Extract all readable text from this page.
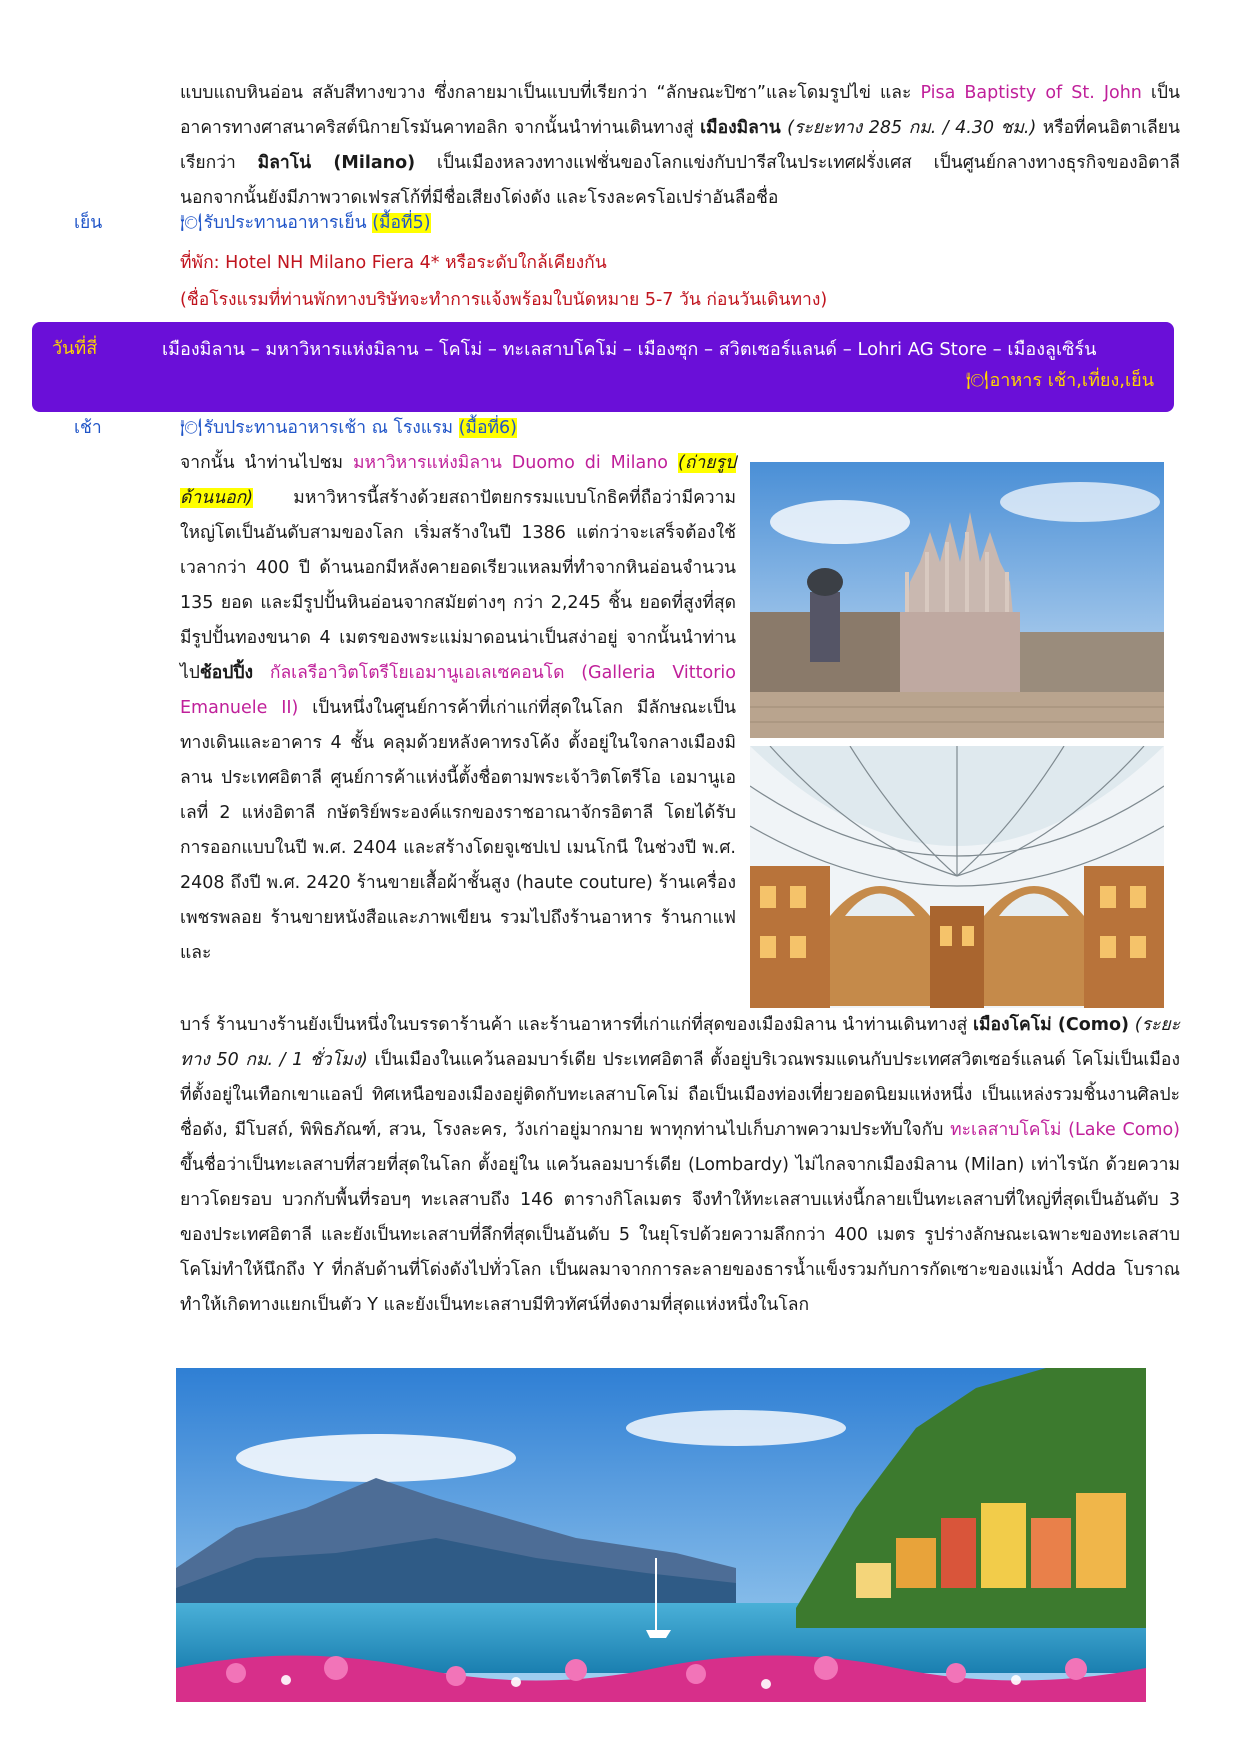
แบบแถบหินอ่อน สลับสีทางขวาง ซึ่งกลายมาเป็นแบบที่เรียกว่า “ลักษณะปิซา”และโดมรูปไข่ และ Pisa Baptisty of St. John เป็นอาคารทางศาสนาคริสต์นิกายโรมันคาทอลิก จากนั้นนำท่านเดินทางสู่ เมืองมิลาน (ระยะทาง 285 กม. / 4.30 ชม.) หรือที่คนอิตาเลียนเรียกว่า มิลาโน่ (Milano) เป็นเมืองหลวงทางแฟชั่นของโลกแข่งกับปารีสในประเทศฝรั่งเศส เป็นศูนย์กลางทางธุรกิจของอิตาลี นอกจากนั้นยังมีภาพวาดเฟรสโก้ที่มีชื่อเสียงโด่งดัง และโรงละครโอเปร่าอันลือชื่อ
เย็น	🍽 รับประทานอาหารเย็น (มื้อที่5)
ที่พัก: Hotel NH Milano Fiera 4* หรือระดับใกล้เคียงกัน
(ชื่อโรงแรมที่ท่านพักทางบริษัทจะทำการแจ้งพร้อมใบนัดหมาย 5-7 วัน ก่อนวันเดินทาง)
วันที่สี่	เมืองมิลาน – มหาวิหารแห่งมิลาน – โคโม่ – ทะเลสาบโคโม่ – เมืองซุก – สวิตเซอร์แลนด์ – Lohri AG Store – เมืองลูเซิร์น
🍽 อาหาร เช้า,เที่ยง,เย็น
เช้า	🍽 รับประทานอาหารเช้า ณ โรงแรม (มื้อที่6)
จากนั้น นำท่านไปชม มหาวิหารแห่งมิลาน Duomo di Milano (ถ่ายรูปด้านนอก) มหาวิหารนี้สร้างด้วยสถาปัตยกรรมแบบโกธิคที่ถือว่ามีความใหญ่โตเป็นอันดับสามของโลก เริ่มสร้างในปี 1386 แต่กว่าจะเสร็จต้องใช้เวลากว่า 400 ปี ด้านนอกมีหลังคายอดเรียวแหลมที่ทำจากหินอ่อนจำนวน 135 ยอด และมีรูปปั้นหินอ่อนจากสมัยต่างๆ กว่า 2,245 ชิ้น ยอดที่สูงที่สุดมีรูปปั้นทองขนาด 4 เมตรของพระแม่มาดอนน่าเป็นสง่าอยู่ จากนั้นนำท่านไปช้อปปิ้ง กัลเลรีอาวิตโตรีโยเอมานูเอเลเซคอนโด (Galleria Vittorio Emanuele II) เป็นหนึ่งในศูนย์การค้าที่เก่าแก่ที่สุดในโลก มีลักษณะเป็นทางเดินและอาคาร 4 ชั้น คลุมด้วยหลังคาทรงโค้ง ตั้งอยู่ในใจกลางเมืองมิลาน ประเทศอิตาลี ศูนย์การค้าแห่งนี้ตั้งชื่อตามพระเจ้าวิตโตรีโอ เอมานูเอเลที่ 2 แห่งอิตาลี กษัตริย์พระองค์แรกของราชอาณาจักรอิตาลี โดยได้รับการออกแบบในปี พ.ศ. 2404 และสร้างโดยจูเซปเป เมนโกนี ในช่วงปี พ.ศ. 2408 ถึงปี พ.ศ. 2420 ร้านขายเสื้อผ้าชั้นสูง (haute couture) ร้านเครื่องเพชรพลอย ร้านขายหนังสือและภาพเขียน รวมไปถึงร้านอาหาร ร้านกาแฟ และ
บาร์ ร้านบางร้านยังเป็นหนึ่งในบรรดาร้านค้า และร้านอาหารที่เก่าแก่ที่สุดของเมืองมิลาน นำท่านเดินทางสู่ เมืองโคโม่ (Como) (ระยะทาง 50 กม. / 1 ชั่วโมง) เป็นเมืองในแคว้นลอมบาร์เดีย ประเทศอิตาลี ตั้งอยู่บริเวณพรมแดนกับประเทศสวิตเซอร์แลนด์ โคโม่เป็นเมืองที่ตั้งอยู่ในเทือกเขาแอลป์ ทิศเหนือของเมืองอยู่ติดกับทะเลสาบโคโม่ ถือเป็นเมืองท่องเที่ยวยอดนิยมแห่งหนึ่ง เป็นแหล่งรวมชิ้นงานศิลปะชื่อดัง, มีโบสถ์, พิพิธภัณฑ์, สวน, โรงละคร, วังเก่าอยู่มากมาย พาทุกท่านไปเก็บภาพความประทับใจกับ ทะเลสาบโคโม่ (Lake Como) ขึ้นชื่อว่าเป็นทะเลสาบที่สวยที่สุดในโลก ตั้งอยู่ใน แคว้นลอมบาร์เดีย (Lombardy) ไม่ไกลจากเมืองมิลาน (Milan) เท่าไรนัก ด้วยความยาวโดยรอบ บวกกับพื้นที่รอบๆ ทะเลสาบถึง 146 ตารางกิโลเมตร จึงทำให้ทะเลสาบแห่งนี้กลายเป็นทะเลสาบที่ใหญ่ที่สุดเป็นอันดับ 3 ของประเทศอิตาลี และยังเป็นทะเลสาบที่ลึกที่สุดเป็นอันดับ 5 ในยุโรปด้วยความลึกกว่า 400 เมตร รูปร่างลักษณะเฉพาะของทะเลสาบโคโม่ทำให้นึกถึง Y ที่กลับด้านที่โด่งดังไปทั่วโลก เป็นผลมาจากการละลายของธารน้ำแข็งรวมกับการกัดเซาะของแม่น้ำ Adda โบราณ ทำให้เกิดทางแยกเป็นตัว Y และยังเป็นทะเลสาบมีทิวทัศน์ที่งดงามที่สุดแห่งหนึ่งในโลก
